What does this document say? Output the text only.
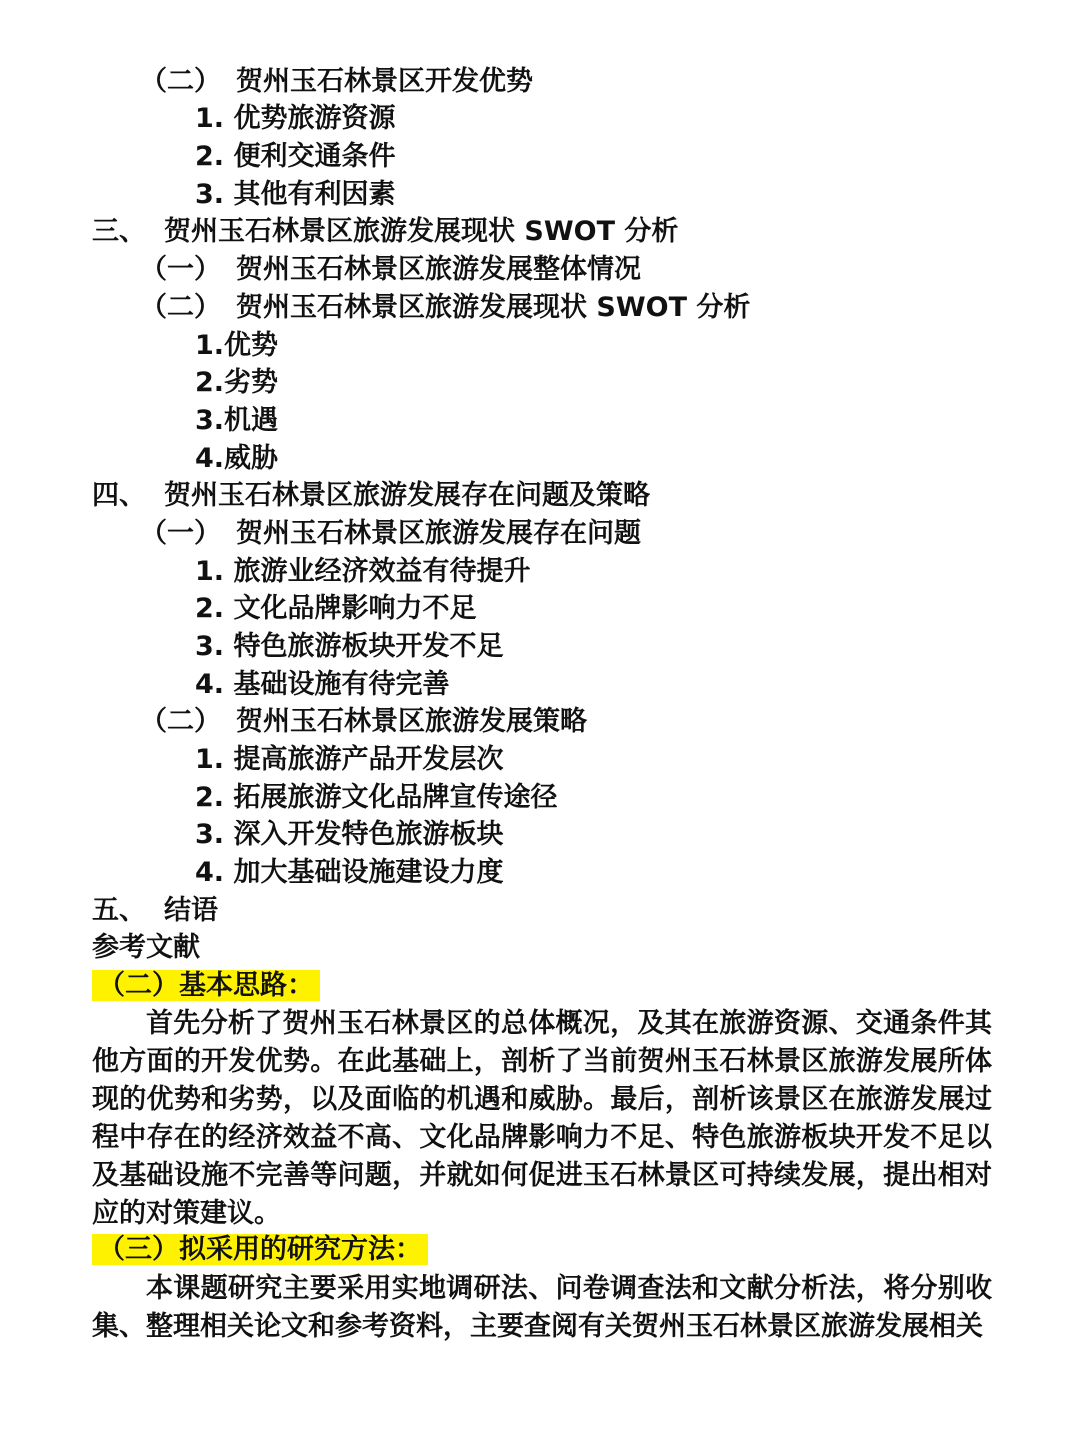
（二） 贺州玉石林景区开发优势
1. 优势旅游资源
2. 便利交通条件
3. 其他有利因素
三、 贺州玉石林景区旅游发展现状 SWOT 分析
（一） 贺州玉石林景区旅游发展整体情况
（二） 贺州玉石林景区旅游发展现状 SWOT 分析
1.优势
2.劣势
3.机遇
4.威胁
四、 贺州玉石林景区旅游发展存在问题及策略
（一） 贺州玉石林景区旅游发展存在问题
1. 旅游业经济效益有待提升
2. 文化品牌影响力不足
3. 特色旅游板块开发不足
4. 基础设施有待完善
（二） 贺州玉石林景区旅游发展策略
1. 提高旅游产品开发层次
2. 拓展旅游文化品牌宣传途径
3. 深入开发特色旅游板块
4. 加大基础设施建设力度
五、 结语
参考文献
（二）基本思路：
首先分析了贺州玉石林景区的总体概况，及其在旅游资源、交通条件其他方面的开发优势。在此基础上，剖析了当前贺州玉石林景区旅游发展所体现的优势和劣势，以及面临的机遇和威胁。最后，剖析该景区在旅游发展过程中存在的经济效益不高、文化品牌影响力不足、特色旅游板块开发不足以及基础设施不完善等问题，并就如何促进玉石林景区可持续发展，提出相对应的对策建议。
（三）拟采用的研究方法：
本课题研究主要采用实地调研法、问卷调查法和文献分析法，将分别收集、整理相关论文和参考资料，主要查阅有关贺州玉石林景区旅游发展相关
